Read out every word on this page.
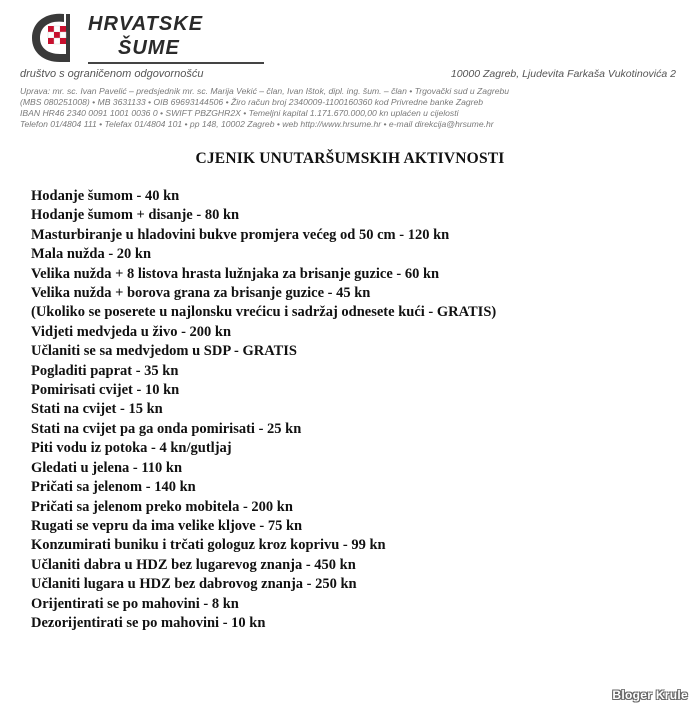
HRVATSKE
ŠUME
društvo s ograničenom odgovornošću	10000 Zagreb, Ljudevita Farkaša Vukotinovića 2
Uprava: mr. sc. Ivan Pavelić – predsjednik mr. sc. Marija Vekić – član, Ivan Ištok, dipl. ing. šum. – član • Trgovački sud u Zagrebu
(MBS 080251008) • MB 3631133 • OIB 69693144506 • Žiro račun broj 2340009-1100160360 kod Privredne banke Zagreb
IBAN HR46 2340 0091 1001 0036 0 • SWIFT PBZGHR2X • Temeljni kapital 1.171.670.000,00 kn uplaćen u cijelosti
Telefon 01/4804 111 • Telefax 01/4804 101 • pp 148, 10002 Zagreb • web http://www.hrsume.hr • e-mail direkcija@hrsume.hr
CJENIK UNUTARŠUMSKIH AKTIVNOSTI
Hodanje šumom - 40 kn
Hodanje šumom + disanje - 80 kn
Masturbiranje u hladovini bukve promjera većeg od 50 cm - 120 kn
Mala nužda - 20 kn
Velika nužda + 8 listova hrasta lužnjaka za brisanje guzice - 60 kn
Velika nužda + borova grana za brisanje guzice - 45 kn
(Ukoliko se poserete u najlonsku vrećicu i sadržaj odnesete kući - GRATIS)
Vidjeti medvjeda u živo - 200 kn
Učlaniti se sa medvjedom u SDP - GRATIS
Pogladiti paprat - 35 kn
Pomirisati cvijet - 10 kn
Stati na cvijet - 15 kn
Stati na cvijet pa ga onda pomirisati - 25 kn
Piti vodu iz potoka - 4 kn/gutljaj
Gledati u jelena - 110 kn
Pričati sa jelenom - 140 kn
Pričati sa jelenom preko mobitela - 200 kn
Rugati se vepru da ima velike kljove - 75 kn
Konzumirati buniku i trčati gologuz kroz koprivu - 99 kn
Učlaniti dabra u HDZ bez lugarevog znanja - 450 kn
Učlaniti lugara u HDZ bez dabrovog znanja - 250 kn
Orijentirati se po mahovini - 8 kn
Dezorijentirati se po mahovini - 10 kn
Bloger Krule
